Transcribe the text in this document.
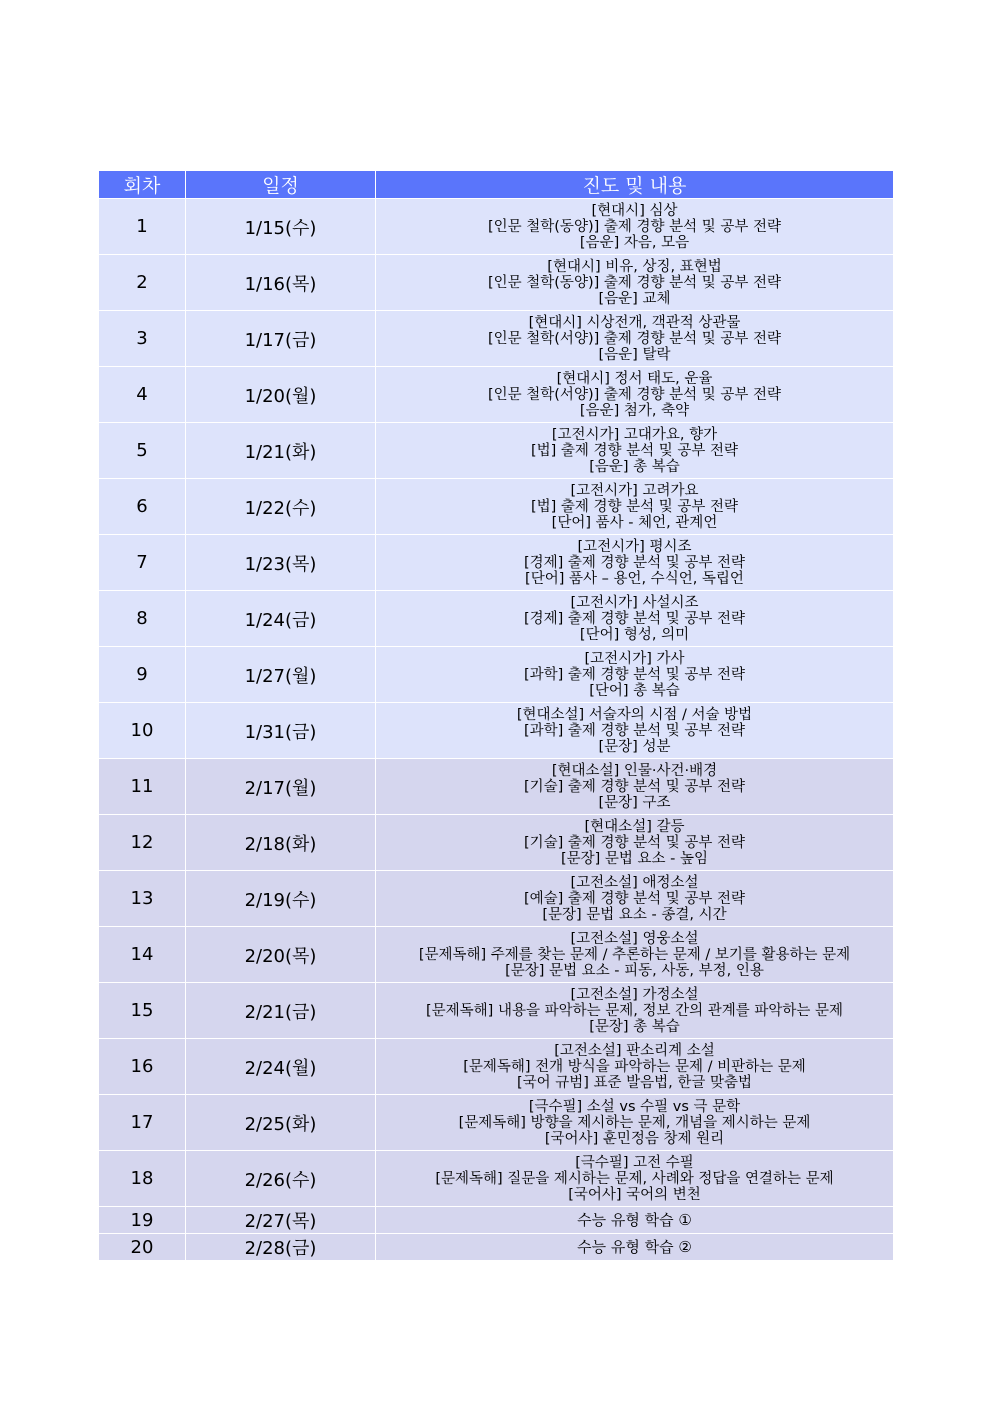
회차	일정	진도 및 내용
1	1/15(수)	[현대시] 심상
[인문 철학(동양)] 출제 경향 분석 및 공부 전략
[음운] 자음, 모음

2	1/16(목)	[현대시] 비유, 상징, 표현법
[인문 철학(동양)] 출제 경향 분석 및 공부 전략
[음운] 교체

3	1/17(금)	[현대시] 시상전개, 객관적 상관물
[인문 철학(서양)] 출제 경향 분석 및 공부 전략
[음운] 탈락

4	1/20(월)	[현대시] 정서 태도, 운율
[인문 철학(서양)] 출제 경향 분석 및 공부 전략
[음운] 첨가, 축약

5	1/21(화)	[고전시가] 고대가요, 향가
[법] 출제 경향 분석 및 공부 전략
[음운] 총 복습

6	1/22(수)	[고전시가] 고려가요
[법] 출제 경향 분석 및 공부 전략
[단어] 품사 - 체언, 관계언

7	1/23(목)	[고전시가] 평시조
[경제] 출제 경향 분석 및 공부 전략
[단어] 품사 – 용언, 수식언, 독립언

8	1/24(금)	[고전시가] 사설시조
[경제] 출제 경향 분석 및 공부 전략
[단어] 형성, 의미

9	1/27(월)	[고전시가] 가사
[과학] 출제 경향 분석 및 공부 전략
[단어] 총 복습

10	1/31(금)	[현대소설] 서술자의 시점 / 서술 방법
[과학] 출제 경향 분석 및 공부 전략
[문장] 성분

11	2/17(월)	[현대소설] 인물·사건·배경
[기술] 출제 경향 분석 및 공부 전략
[문장] 구조

12	2/18(화)	[현대소설] 갈등
[기술] 출제 경향 분석 및 공부 전략
[문장] 문법 요소 - 높임

13	2/19(수)	[고전소설] 애정소설
[예술] 출제 경향 분석 및 공부 전략
[문장] 문법 요소 - 종결, 시간

14	2/20(목)	[고전소설] 영웅소설
[문제독해] 주제를 찾는 문제 / 추론하는 문제 / 보기를 활용하는 문제
[문장] 문법 요소 - 피동, 사동, 부정, 인용

15	2/21(금)	[고전소설] 가정소설
[문제독해] 내용을 파악하는 문제, 정보 간의 관계를 파악하는 문제
[문장] 총 복습

16	2/24(월)	[고전소설] 판소리계 소설
[문제독해] 전개 방식을 파악하는 문제 / 비판하는 문제
[국어 규범] 표준 발음법, 한글 맞춤법

17	2/25(화)	[극수필] 소설 vs 수필 vs 극 문학
[문제독해] 방향을 제시하는 문제, 개념을 제시하는 문제
[국어사] 훈민정음 창제 원리

18	2/26(수)	[극수필] 고전 수필
[문제독해] 질문을 제시하는 문제, 사례와 정답을 연결하는 문제
[국어사] 국어의 변천

19	2/27(목)	수능 유형 학습 ①

20	2/28(금)	수능 유형 학습 ②
